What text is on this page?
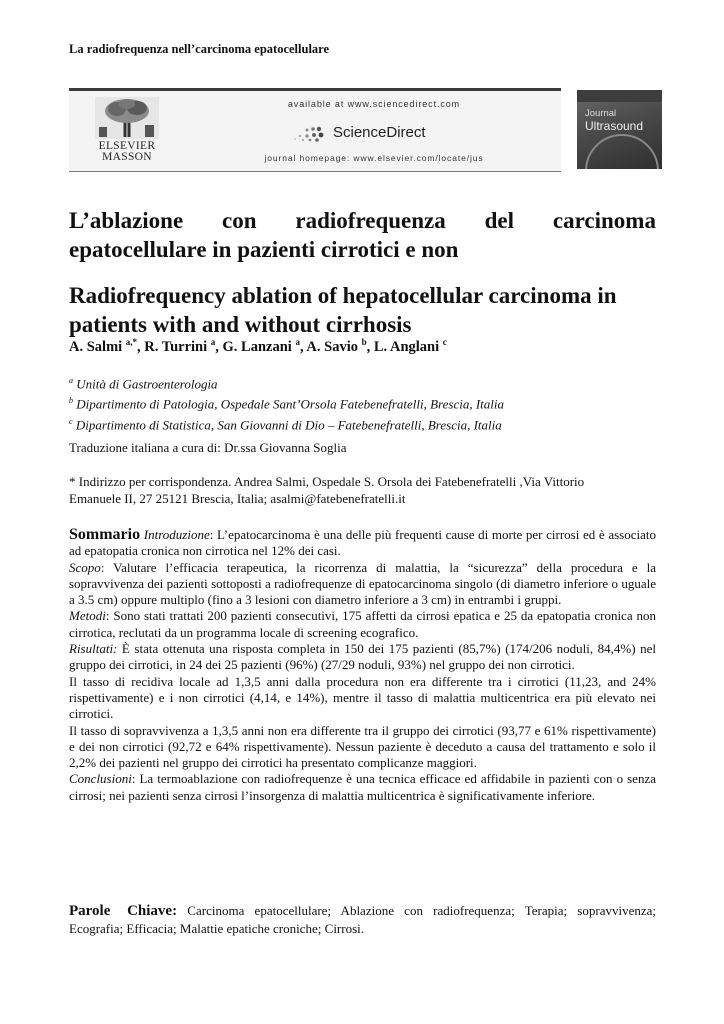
La radiofrequenza nell’carcinoma epatocellulare
ELSEVIER
MASSON
available at www.sciencedirect.com
ScienceDirect
journal homepage: www.elsevier.com/locate/jus
Journal
Ultrasound
L’ablazione con radiofrequenza del carcinoma
epatocellulare in pazienti cirrotici e non
Radiofrequency ablation of hepatocellular carcinoma in
patients with and without cirrhosis
A. Salmi $^{a,*}$, R. Turrini $^a$, G. Lanzani $^a$, A. Savio $^b$, L. Anglani $^c$
$^a$ Unità di Gastroenterologia
$^b$ Dipartimento di Patologia, Ospedale Sant’Orsola Fatebenefratelli, Brescia, Italia
$^c$ Dipartimento di Statistica, San Giovanni di Dio – Fatebenefratelli, Brescia, Italia
Traduzione italiana a cura di: Dr.ssa Giovanna Soglia
* Indirizzo per corrispondenza. Andrea Salmi, Ospedale S. Orsola dei Fatebenefratelli ,Via Vittorio
Emanuele II, 27 25121 Brescia, Italia; asalmi@fatebenefratelli.it

Sommario Introduzione: L’epatocarcinoma è una delle più frequenti cause di morte per cirrosi ed è associato ad epatopatia cronica non cirrotica nel 12% dei casi.

Scopo: Valutare l’efficacia terapeutica, la ricorrenza di malattia, la “sicurezza” della procedura e la sopravvivenza dei pazienti sottoposti a radiofrequenze di epatocarcinoma singolo (di diametro inferiore o uguale a 3.5 cm) oppure multiplo (fino a 3 lesioni con diametro inferiore a 3 cm) in entrambi i gruppi.

Metodi: Sono stati trattati 200 pazienti consecutivi, 175 affetti da cirrosi epatica e 25 da epatopatia cronica non cirrotica, reclutati da un programma locale di screening ecografico.

Risultati: È stata ottenuta una risposta completa in 150 dei 175 pazienti (85,7%) (174/206 noduli, 84,4%) nel gruppo dei cirrotici, in 24 dei 25 pazienti (96%) (27/29 noduli, 93%) nel gruppo dei non cirrotici.

Il tasso di recidiva locale ad 1,3,5 anni dalla procedura non era differente tra i cirrotici (11,23, and 24% rispettivamente) e i non cirrotici (4,14, e 14%), mentre il tasso di malattia multicentrica era più elevato nei cirrotici.

Il tasso di sopravvivenza a 1,3,5 anni non era differente tra il gruppo dei cirrotici (93,77 e 61% rispettivamente) e dei non cirrotici (92,72 e 64% rispettivamente). Nessun paziente è deceduto a causa del trattamento e solo il 2,2% dei pazienti nel gruppo dei cirrotici ha presentato complicanze maggiori.

Conclusioni: La termoablazione con radiofrequenze è una tecnica efficace ed affidabile in pazienti con o senza cirrosi; nei pazienti senza cirrosi l’insorgenza di malattia multicentrica è significativamente inferiore.

Parole Chiave: Carcinoma epatocellulare; Ablazione con radiofrequenza; Terapia; sopravvivenza; Ecografia; Efficacia; Malattie epatiche croniche; Cirrosi.
